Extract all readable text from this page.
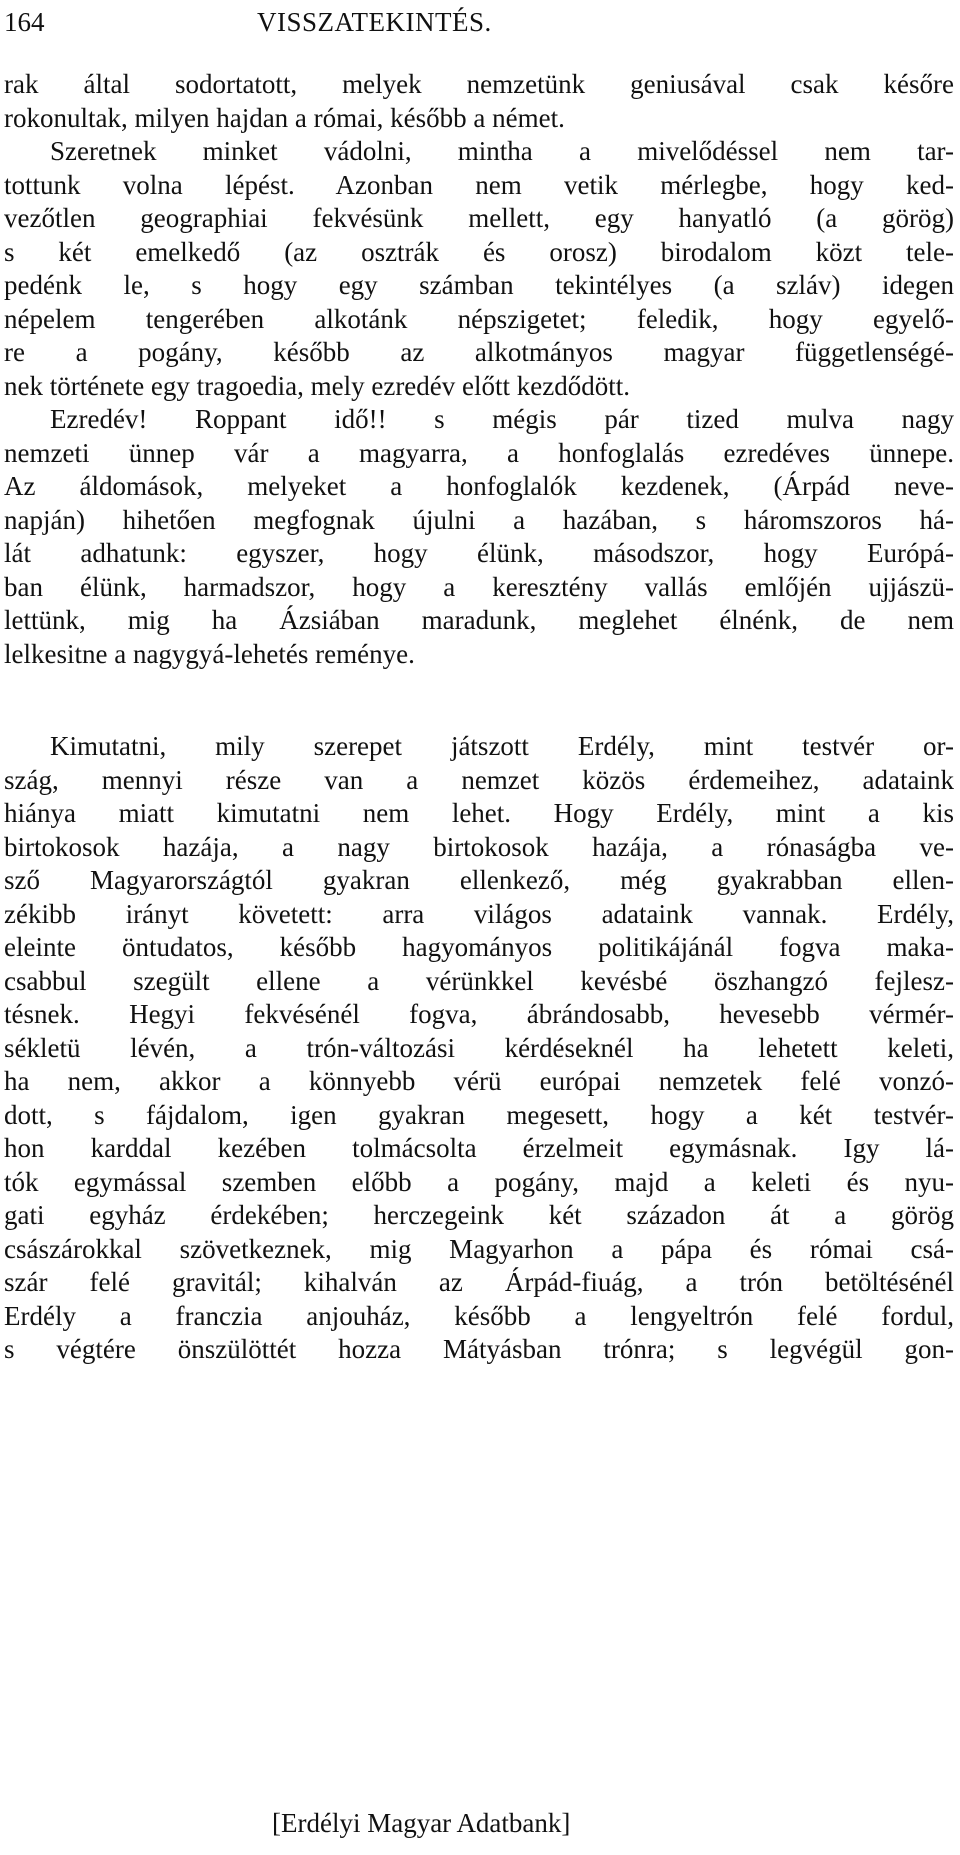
164	VISSZATEKINTÉS.
rak által sodortatott, melyek nemzetünk geniusával csak későre
rokonultak, milyen hajdan a római, később a német.
Szeretnek minket vádolni, mintha a mivelődéssel nem tar-
tottunk volna lépést. Azonban nem vetik mérlegbe, hogy ked-
vezőtlen geographiai fekvésünk mellett, egy hanyatló (a görög)
s két emelkedő (az osztrák és orosz) birodalom közt tele-
pedénk le, s hogy egy számban tekintélyes (a szláv) idegen
népelem tengerében alkotánk népszigetet; feledik, hogy egyelő-
re a pogány, később az alkotmányos magyar függetlenségé-
nek története egy tragoedia, mely ezredév előtt kezdődött.
Ezredév! Roppant idő!! s mégis pár tized mulva nagy
nemzeti ünnep vár a magyarra, a honfoglalás ezredéves ünnepe.
Az áldomások, melyeket a honfoglalók kezdenek, (Árpád neve-
napján) hihetően megfognak újulni a hazában, s háromszoros há-
lát adhatunk: egyszer, hogy élünk, másodszor, hogy Európá-
ban élünk, harmadszor, hogy a keresztény vallás emlőjén ujjászü-
lettünk, mig ha Ázsiában maradunk, meglehet élnénk, de nem
lelkesitne a nagygyá-lehetés reménye.
Kimutatni, mily szerepet játszott Erdély, mint testvér or-
szág, mennyi része van a nemzet közös érdemeihez, adataink
hiánya miatt kimutatni nem lehet. Hogy Erdély, mint a kis
birtokosok hazája, a nagy birtokosok hazája, a rónaságba ve-
sző Magyarországtól gyakran ellenkező, még gyakrabban ellen-
zékibb irányt követett: arra világos adataink vannak. Erdély,
eleinte öntudatos, később hagyományos politikájánál fogva maka-
csabbul szegült ellene a vérünkkel kevésbé öszhangzó fejlesz-
tésnek. Hegyi fekvésénél fogva, ábrándosabb, hevesebb vérmér-
sékletü lévén, a trón-változási kérdéseknél ha lehetett keleti,
ha nem, akkor a könnyebb vérü európai nemzetek felé vonzó-
dott, s fájdalom, igen gyakran megesett, hogy a két testvér-
hon karddal kezében tolmácsolta érzelmeit egymásnak. Igy lá-
tók egymással szemben előbb a pogány, majd a keleti és nyu-
gati egyház érdekében; herczegeink két századon át a görög
császárokkal szövetkeznek, mig Magyarhon a pápa és római csá-
szár felé gravitál; kihalván az Árpád-fiuág, a trón betöltésénél
Erdély a franczia anjouház, később a lengyeltrón felé fordul,
s végtére önszülöttét hozza Mátyásban trónra; s legvégül gon-
[Erdélyi Magyar Adatbank]
